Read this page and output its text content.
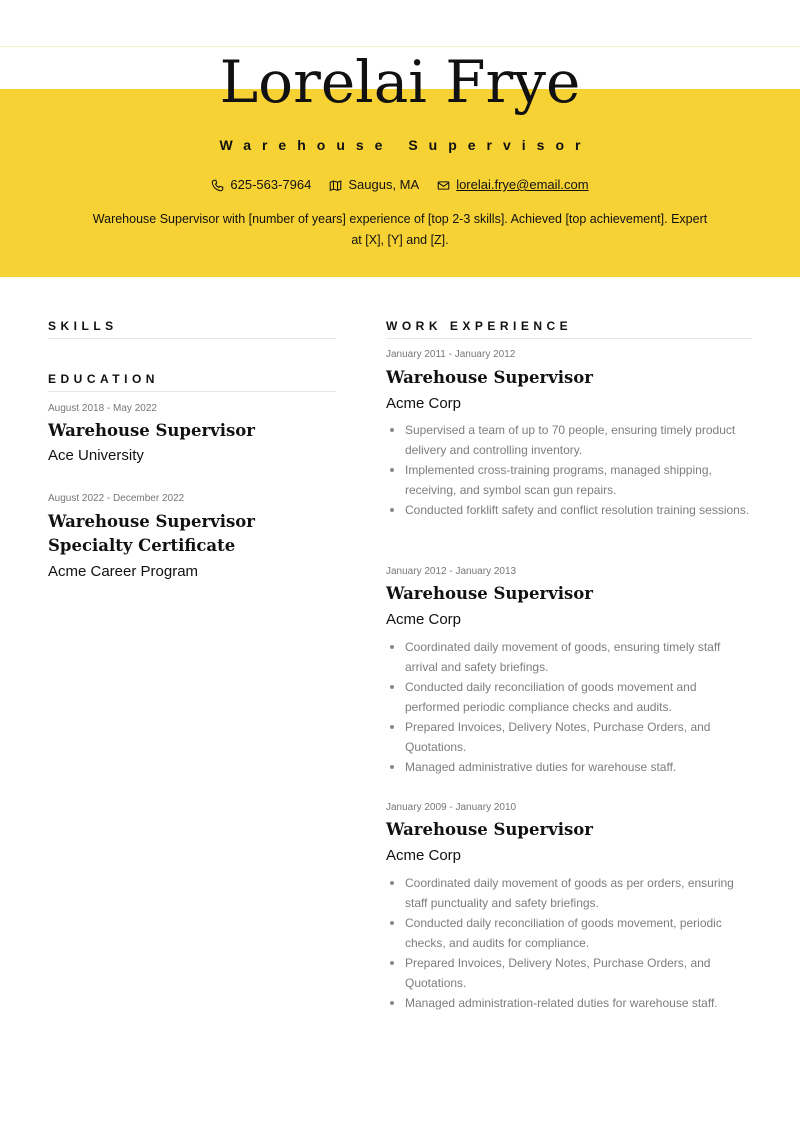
Lorelai Frye
Warehouse Supervisor
625-563-7964	Saugus, MA	lorelai.frye@email.com
Warehouse Supervisor with [number of years] experience of [top 2-3 skills]. Achieved [top achievement]. Expert at [X], [Y] and [Z].
SKILLS
EDUCATION
August 2018 - May 2022
Warehouse Supervisor
Ace University
August 2022 - December 2022
Warehouse Supervisor Specialty Certificate
Acme Career Program
WORK EXPERIENCE
January 2011 - January 2012
Warehouse Supervisor
Acme Corp
Supervised a team of up to 70 people, ensuring timely product delivery and controlling inventory.
Implemented cross-training programs, managed shipping, receiving, and symbol scan gun repairs.
Conducted forklift safety and conflict resolution training sessions.
January 2012 - January 2013
Warehouse Supervisor
Acme Corp
Coordinated daily movement of goods, ensuring timely staff arrival and safety briefings.
Conducted daily reconciliation of goods movement and performed periodic compliance checks and audits.
Prepared Invoices, Delivery Notes, Purchase Orders, and Quotations.
Managed administrative duties for warehouse staff.
January 2009 - January 2010
Warehouse Supervisor
Acme Corp
Coordinated daily movement of goods as per orders, ensuring staff punctuality and safety briefings.
Conducted daily reconciliation of goods movement, periodic checks, and audits for compliance.
Prepared Invoices, Delivery Notes, Purchase Orders, and Quotations.
Managed administration-related duties for warehouse staff.
